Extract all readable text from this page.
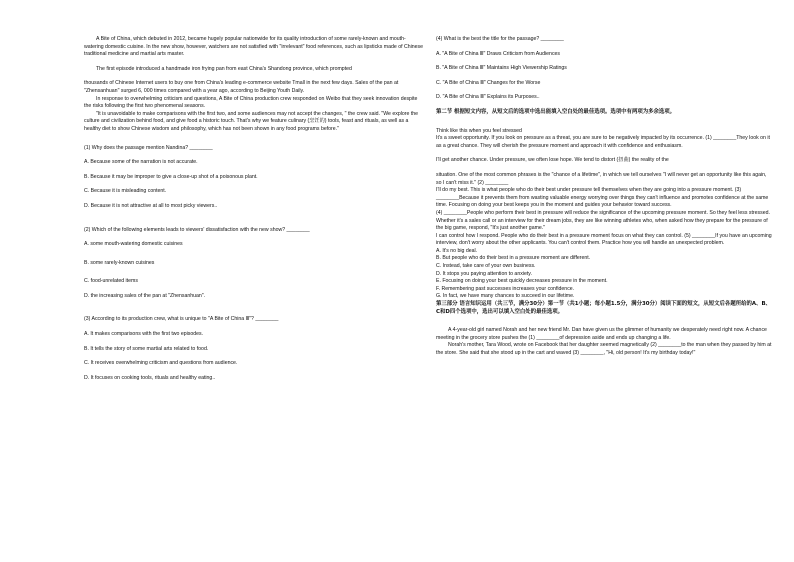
A Bite of China, which debuted in 2012, became hugely popular nationwide for its quality introduction of some rarely-known and mouth-watering domestic cuisine. In the new show, however, watchers are not satisfied with "irrelevant" food references, such as lipsticks made of Chinese traditional medicine and martial arts master.

The first episode introduced a handmade iron frying pan from east China's Shandong province, which prompted

thousands of Chinese Internet users to buy one from China's leading e-commerce website Tmall in the next few days. Sales of the pan at "Zhensanhuan" surged 6, 000 times compared with a year ago, according to Beijing Youth Daily.

In response to overwhelming criticism and questions, A Bite of China production crew responded on Weibo that they seek innovation despite the risks following the first two phenomenal seasons.

"It is unavoidable to make comparisons with the first two, and some audiences may not accept the changes, " the crew said. "We explore the culture and civilization behind food, and give food a historic touch. That's why we feature culinary (烹饪的) tools, feast and rituals, as well as a healthy diet to show Chinese wisdom and philosophy, which has not been shown in any food programs before."

(1) Why does the passage mention Nandina? ________

A. Because some of the narration is not accurate.

B. Because it may be improper to give a close-up shot of a poisonous plant.

C. Because it is misleading content.

D. Because it is not attractive at all to most picky viewers..

(2) Which of the following elements leads to viewers' dissatisfaction with the new show? ________

A. some mouth-watering domestic cuisines

B. some rarely-known cuisines

C. food-unrelated items

D. the increasing sales of the pan at "Zhensanhuan".

(3) According to its production crew, what is unique to "A Bite of China Ⅲ"? ________

A. It makes comparisons with the first two episodes.

B. It tells the story of some martial arts related to food.

C. It receives overwhelming criticism and questions from audience.

D. It focuses on cooking tools, rituals and healthy eating..

(4) What is the best the title for the passage? ________

A. "A Bite of China Ⅲ" Draws Criticism from Audiences

B. "A Bite of China Ⅲ" Maintains High Viewership Ratings

C. "A Bite of China Ⅲ" Changes for the Worse

D. "A Bite of China Ⅲ" Explains its Purposes..

第二节 根据短文内容，从短文后的选项中选出能填入空白处的最佳选项。选项中有两项为多余选项。

Think like this when you feel stressed

It's a sweet opportunity. If you look on pressure as a threat, you are sure to be negatively impacted by its occurrence. (1) ________They look on it as a great chance. They will cherish the pressure moment and approach it with confidence and enthusiasm.

I'll get another chance. Under pressure, we often lose hope. We tend to distort (扭曲) the reality of the

situation. One of the most common phrases is the "chance of a lifetime", in which we tell ourselves "I will never get an opportunity like this again, so I can't miss it." (2) ________

I'll do my best. This is what people who do their best under pressure tell themselves when they are going into a pressure moment. (3) ________Because it prevents them from wasting valuable energy worrying over things they can't influence and promotes confidence at the same time. Focusing on doing your best keeps you in the moment and guides your behavior toward success.

(4) ________People who perform their best in pressure will reduce the significance of the upcoming pressure moment. So they feel less stressed. Whether it's a sales call or an interview for their dream jobs, they are like winning athletes who, when asked how they prepare for the pressure of the big game, respond, "It's just another game."

I can control how I respond. People who do their best in a pressure moment focus on what they can control. (5) ________If you have an upcoming interview, don't worry about the other applicants. You can't control them. Practice how you will handle an unexpected problem.

A. It's no big deal.

B. But people who do their best in a pressure moment are different.

C. Instead, take care of your own business.

D. It stops you paying attention to anxiety.

E. Focusing on doing your best quickly decreases pressure in the moment.

F. Remembering past successes increases your confidence.

G. In fact, we have many chances to succeed in our lifetime.

第三部分 语言知识运用（共三节，满分30分）第一节（共1小题；每小题1.5分，满分30分）阅读下面的短文，从短文后各题所给的A、B、C和D四个选项中，选出可以填入空白处的最佳选项。

A 4-year-old girl named Norah and her new friend Mr. Dan have given us the glimmer of humanity we desperately need right now. A chance meeting in the grocery store pushes the (1) ________of depression aside and ends up changing a life.

Norah's mother, Tara Wood, wrote on Facebook that her daughter seemed magnetically (2) ________to the man when they passed by him at the store. She said that she stood up in the cart and waved (3) ________, "Hi, old person! It's my birthday today!"
